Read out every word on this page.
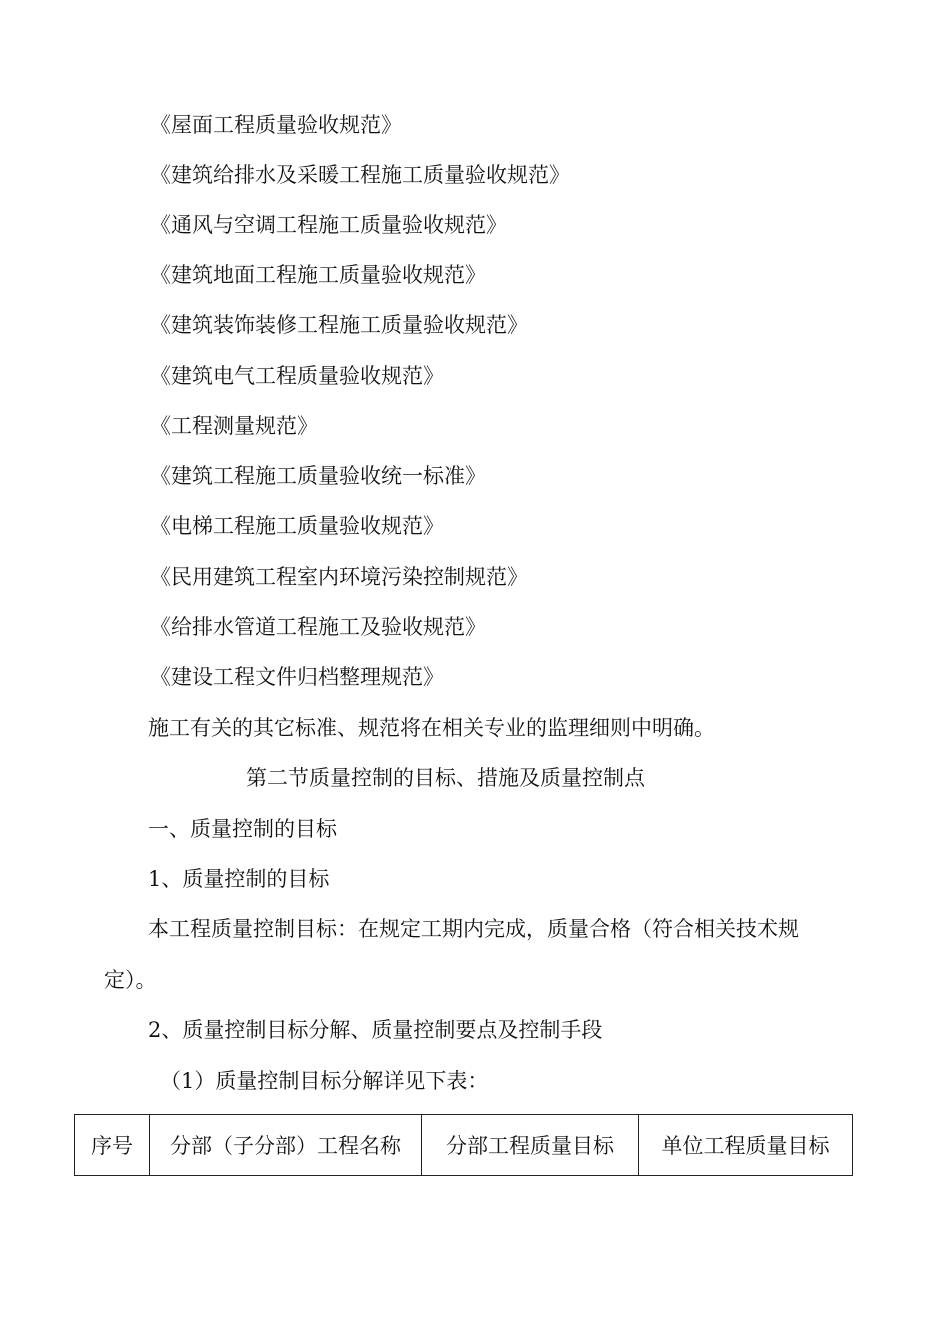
《屋面工程质量验收规范》
《建筑给排水及采暖工程施工质量验收规范》
《通风与空调工程施工质量验收规范》
《建筑地面工程施工质量验收规范》
《建筑装饰装修工程施工质量验收规范》
《建筑电气工程质量验收规范》
《工程测量规范》
《建筑工程施工质量验收统一标准》
《电梯工程施工质量验收规范》
《民用建筑工程室内环境污染控制规范》
《给排水管道工程施工及验收规范》
《建设工程文件归档整理规范》
施工有关的其它标准、规范将在相关专业的监理细则中明确。
第二节质量控制的目标、措施及质量控制点
一、质量控制的目标
1、质量控制的目标
本工程质量控制目标：在规定工期内完成，质量合格（符合相关技术规
定）。
2、质量控制目标分解、质量控制要点及控制手段
（1）质量控制目标分解详见下表：
序号	分部（子分部）工程名称	分部工程质量目标	单位工程质量目标
